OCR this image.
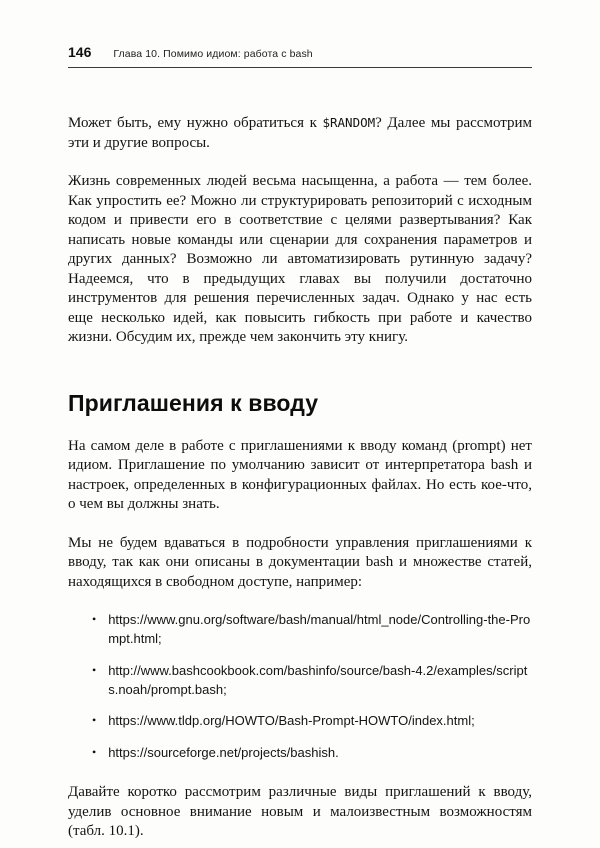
146 Глава 10. Помимо идиом: работа с bash

Может быть, ему нужно обратиться к $RANDOM? Далее мы рассмотрим эти и другие вопросы.

Жизнь современных людей весьма насыщенна, а работа — тем более. Как упростить ее? Можно ли структурировать репозиторий с исходным кодом и привести его в соответствие с целями развертывания? Как написать новые команды или сценарии для сохранения параметров и других данных? Возможно ли автоматизировать рутинную задачу? Надеемся, что в предыдущих главах вы получили достаточно инструментов для решения перечисленных задач. Однако у нас есть еще несколько идей, как повысить гибкость при работе и качество жизни. Обсудим их, прежде чем закончить эту книгу.

Приглашения к вводу

На самом деле в работе с приглашениями к вводу команд (prompt) нет идиом. Приглашение по умолчанию зависит от интерпретатора bash и настроек, определенных в конфигурационных файлах. Но есть кое-что, о чем вы должны знать.

Мы не будем вдаваться в подробности управления приглашениями к вводу, так как они описаны в документации bash и множестве статей, находящихся в свободном доступе, например:

• https://www.gnu.org/software/bash/manual/html_node/Controlling-the-Prompt.html;
• http://www.bashcookbook.com/bashinfo/source/bash-4.2/examples/scripts.noah/prompt.bash;
• https://www.tldp.org/HOWTO/Bash-Prompt-HOWTO/index.html;
• https://sourceforge.net/projects/bashish.

Давайте коротко рассмотрим различные виды приглашений к вводу, уделив основное внимание новым и малоизвестным возможностям (табл. 10.1).
